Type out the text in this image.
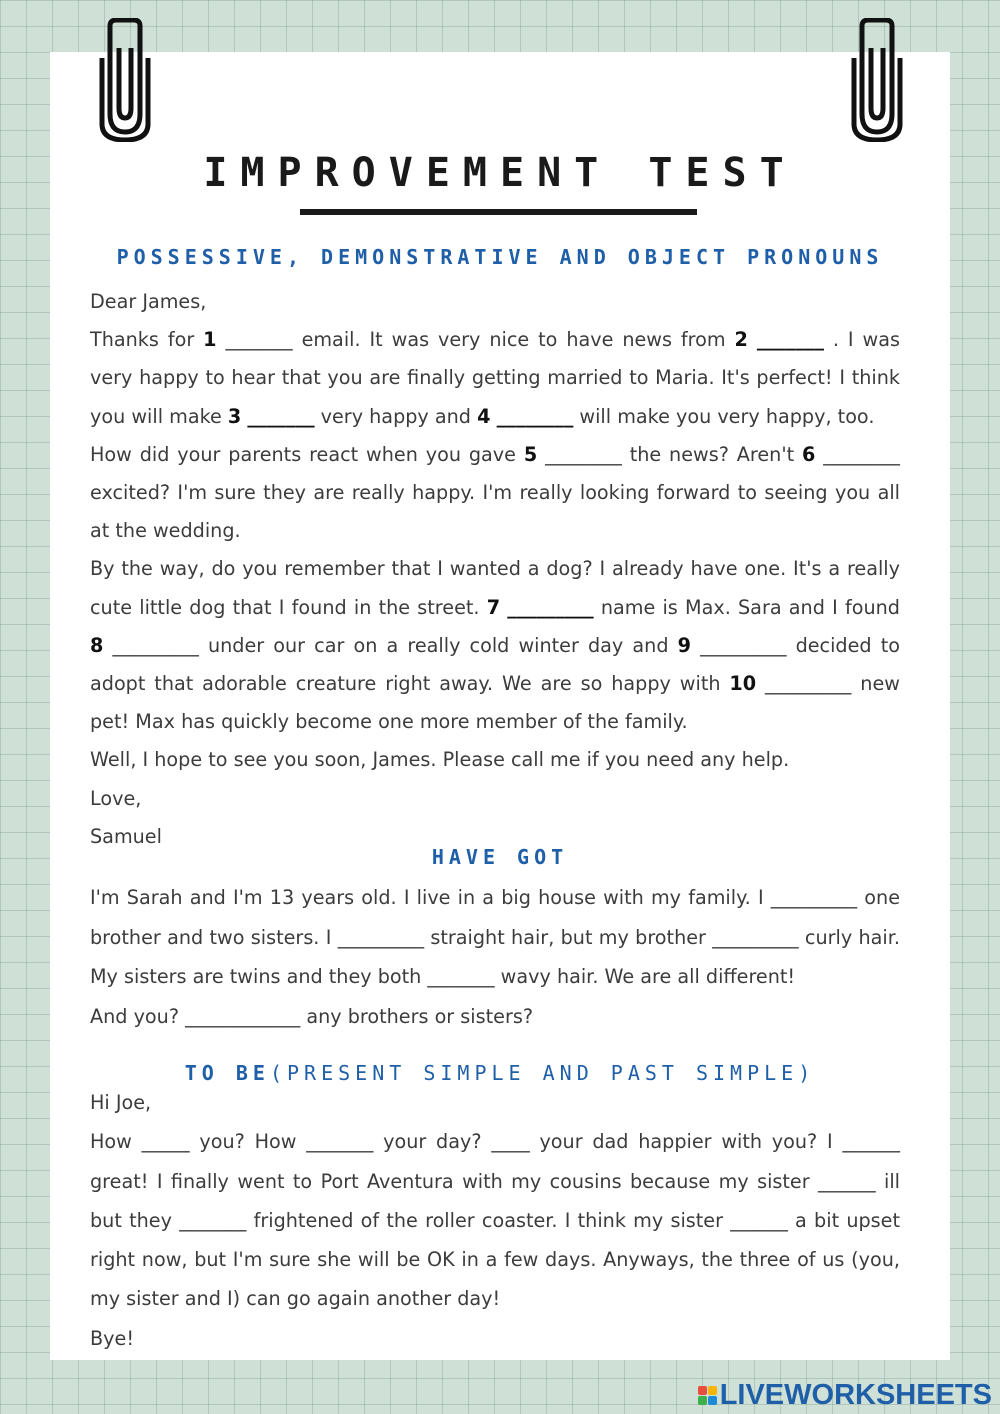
IMPROVEMENT TEST
POSSESSIVE, DEMONSTRATIVE AND OBJECT PRONOUNS
Dear James,
Thanks for 1 _______ email. It was very nice to have news from 2 _______ . I was very happy to hear that you are finally getting married to Maria. It's perfect! I think you will make 3 _______ very happy and 4 ________ will make you very happy, too.
How did your parents react when you gave 5 ________ the news? Aren't 6 ________ excited? I'm sure they are really happy. I'm really looking forward to seeing you all at the wedding.
By the way, do you remember that I wanted a dog? I already have one. It's a really cute little dog that I found in the street. 7 _________ name is Max. Sara and I found 8 _________ under our car on a really cold winter day and 9 _________ decided to adopt that adorable creature right away. We are so happy with 10 _________ new pet! Max has quickly become one more member of the family.
Well, I hope to see you soon, James. Please call me if you need any help.
Love,
Samuel
HAVE GOT
I'm Sarah and I'm 13 years old. I live in a big house with my family. I _________ one brother and two sisters. I _________ straight hair, but my brother _________ curly hair. My sisters are twins and they both _______ wavy hair. We are all different!
And you? ____________ any brothers or sisters?
TO BE(PRESENT SIMPLE AND PAST SIMPLE)
Hi Joe,
How _____ you? How _______ your day? ____ your dad happier with you? I ______ great! I finally went to Port Aventura with my cousins because my sister ______ ill but they _______ frightened of the roller coaster. I think my sister ______ a bit upset right now, but I'm sure she will be OK in a few days. Anyways, the three of us (you, my sister and I) can go again another day!
Bye!
LIVEWORKSHEETS
